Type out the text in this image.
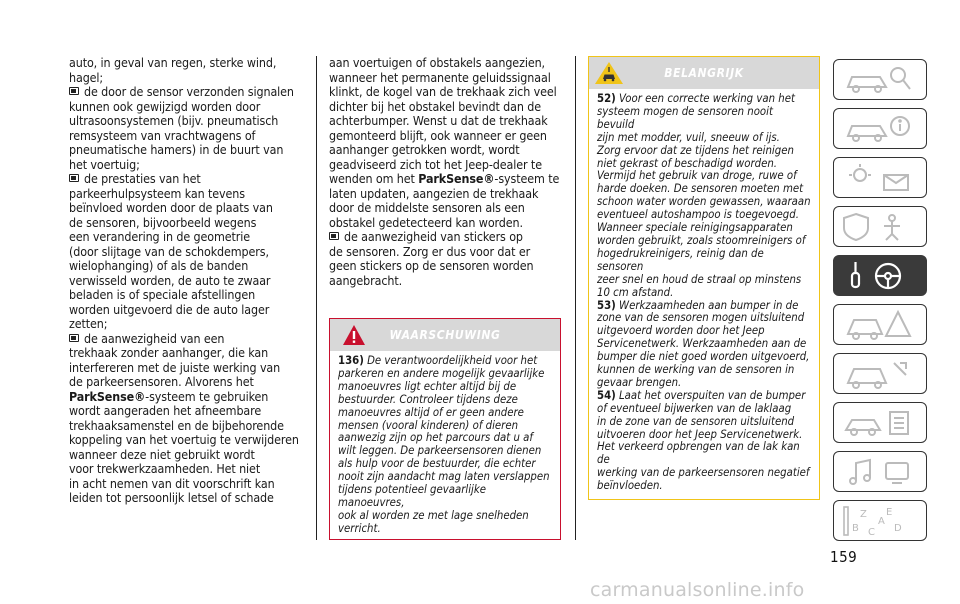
auto, in geval van regen, sterke wind,

hagel;

de door de sensor verzonden signalen

kunnen ook gewijzigd worden door

ultrasoonsystemen (bijv. pneumatisch

remsysteem van vrachtwagens of

pneumatische hamers) in de buurt van

het voertuig;

de prestaties van het

parkeerhulpsysteem kan tevens

beïnvloed worden door de plaats van

de sensoren, bijvoorbeeld wegens

een verandering in de geometrie

(door slijtage van de schokdempers,

wielophanging) of als de banden

verwisseld worden, de auto te zwaar

beladen is of speciale afstellingen

worden uitgevoerd die de auto lager

zetten;

de aanwezigheid van een

trekhaak zonder aanhanger, die kan

interfereren met de juiste werking van

de parkeersensoren. Alvorens het

ParkSense®-systeem te gebruiken

wordt aangeraden het afneembare

trekhaaksamenstel en de bijbehorende

koppeling van het voertuig te verwijderen

wanneer deze niet gebruikt wordt

voor trekwerkzaamheden. Het niet

in acht nemen van dit voorschrift kan

leiden tot persoonlijk letsel of schade

aan voertuigen of obstakels aangezien,

wanneer het permanente geluidssignaal

klinkt, de kogel van de trekhaak zich veel

dichter bij het obstakel bevindt dan de

achterbumper. Wenst u dat de trekhaak

gemonteerd blijft, ook wanneer er geen

aanhanger getrokken wordt, wordt

geadviseerd zich tot het Jeep-dealer te

wenden om het ParkSense®-systeem te

laten updaten, aangezien de trekhaak

door de middelste sensoren als een

obstakel gedetecteerd kan worden.

de aanwezigheid van stickers op

de sensoren. Zorg er dus voor dat er

geen stickers op de sensoren worden

aangebracht.

WAARSCHUWING

136) De verantwoordelijkheid voor het

parkeren en andere mogelijk gevaarlijke

manoeuvres ligt echter altijd bij de

bestuurder. Controleer tijdens deze

manoeuvres altijd of er geen andere

mensen (vooral kinderen) of dieren

aanwezig zijn op het parcours dat u af

wilt leggen. De parkeersensoren dienen

als hulp voor de bestuurder, die echter

nooit zijn aandacht mag laten verslappen

tijdens potentieel gevaarlijke manoeuvres,

ook al worden ze met lage snelheden

verricht.

BELANGRIJK

52) Voor een correcte werking van het

systeem mogen de sensoren nooit bevuild

zijn met modder, vuil, sneeuw of ijs.

Zorg ervoor dat ze tijdens het reinigen

niet gekrast of beschadigd worden.

Vermijd het gebruik van droge, ruwe of

harde doeken. De sensoren moeten met

schoon water worden gewassen, waaraan

eventueel autoshampoo is toegevoegd.

Wanneer speciale reinigingsapparaten

worden gebruikt, zoals stoomreinigers of

hogedrukreinigers, reinig dan de sensoren

zeer snel en houd de straal op minstens

10 cm afstand.

53) Werkzaamheden aan bumper in de

zone van de sensoren mogen uitsluitend

uitgevoerd worden door het Jeep

Servicenetwerk. Werkzaamheden aan de

bumper die niet goed worden uitgevoerd,

kunnen de werking van de sensoren in

gevaar brengen.

54) Laat het overspuiten van de bumper

of eventueel bijwerken van de laklaag

in de zone van de sensoren uitsluitend

uitvoeren door het Jeep Servicenetwerk.

Het verkeerd opbrengen van de lak kan de

werking van de parkeersensoren negatief

beïnvloeden.

Z E
B C D
A
159
carmanualsonline.info
